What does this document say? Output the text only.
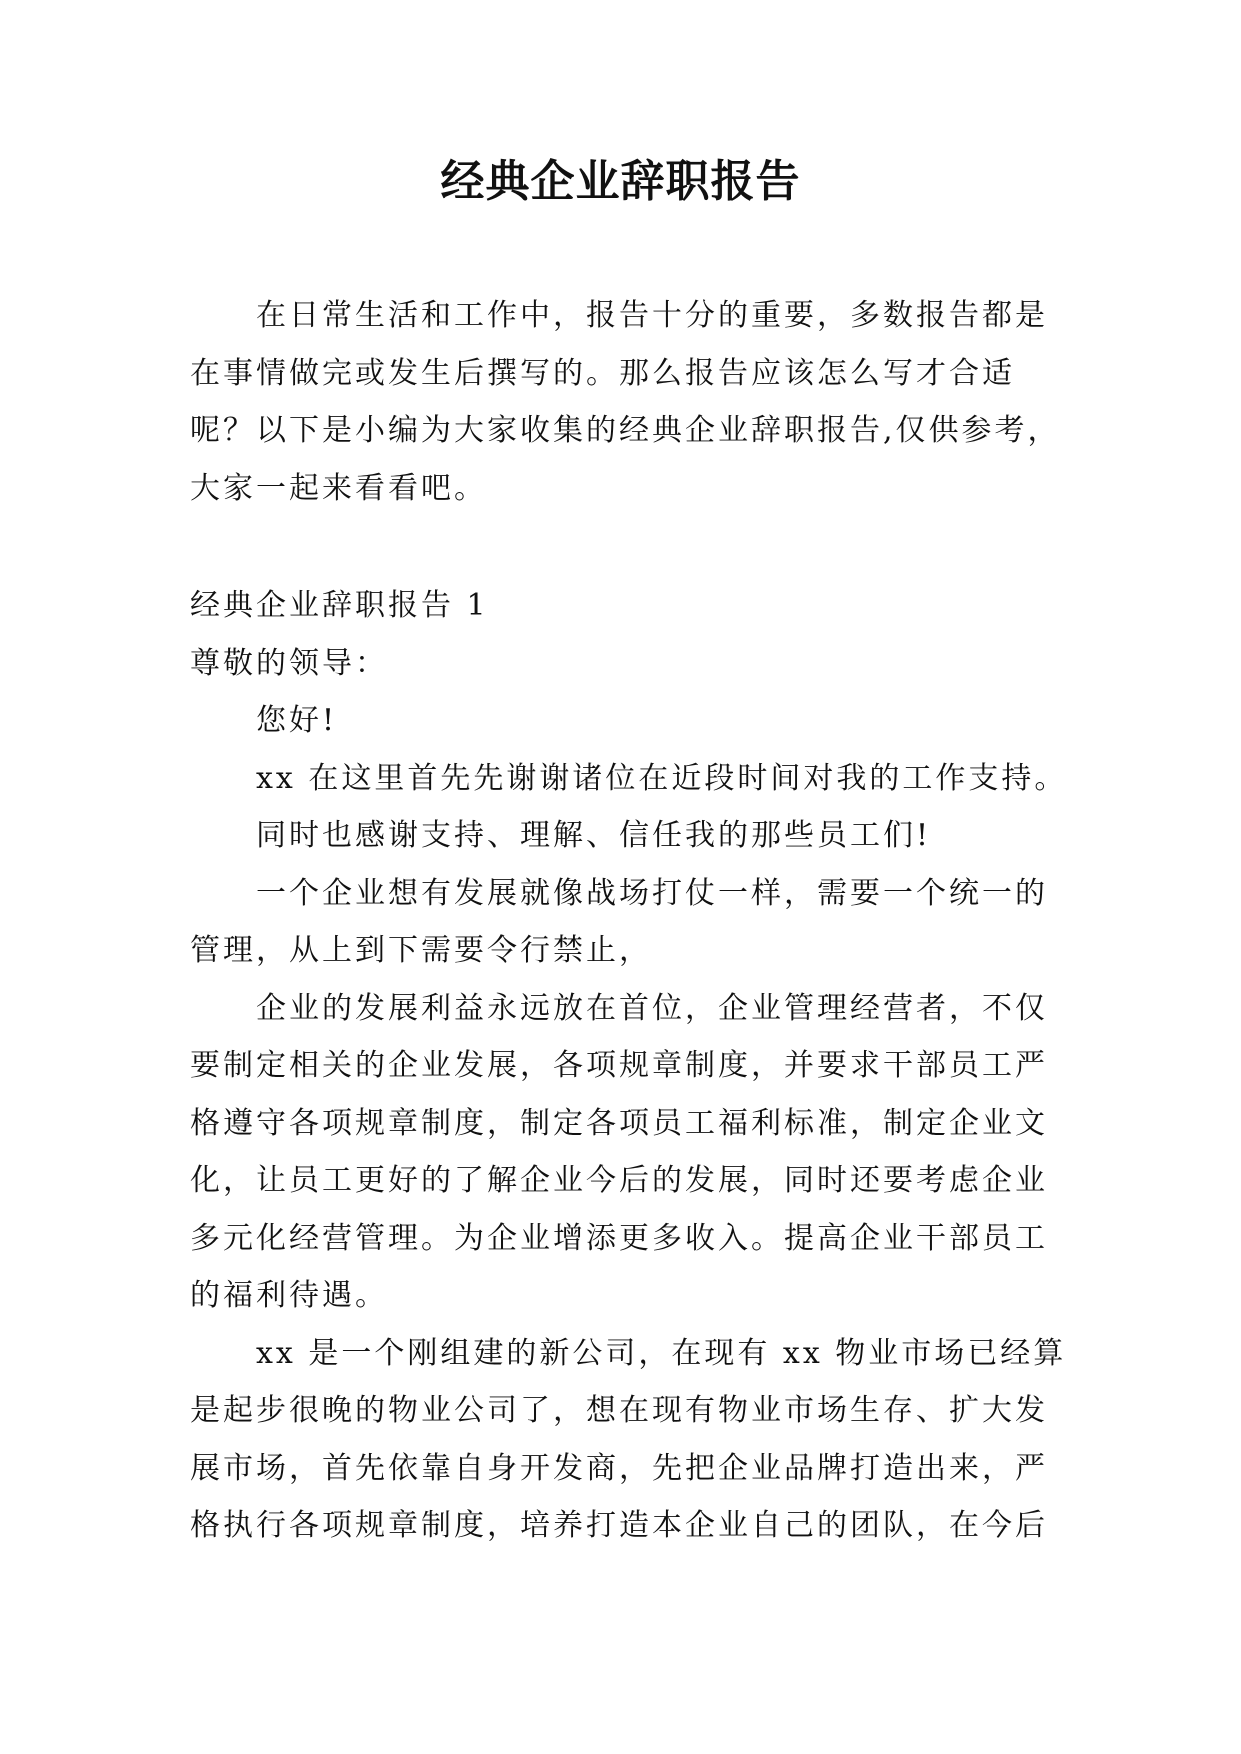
经典企业辞职报告

在日常生活和工作中，报告十分的重要，多数报告都是在事情做完或发生后撰写的。那么报告应该怎么写才合适呢？以下是小编为大家收集的经典企业辞职报告,仅供参考，大家一起来看看吧。

经典企业辞职报告 1

尊敬的领导：

您好!

xx 在这里首先先谢谢诸位在近段时间对我的工作支持。

同时也感谢支持、理解、信任我的那些员工们!

一个企业想有发展就像战场打仗一样，需要一个统一的管理，从上到下需要令行禁止，

企业的发展利益永远放在首位，企业管理经营者，不仅要制定相关的企业发展，各项规章制度，并要求干部员工严格遵守各项规章制度，制定各项员工福利标准，制定企业文化，让员工更好的了解企业今后的发展，同时还要考虑企业多元化经营管理。为企业增添更多收入。提高企业干部员工的福利待遇。

xx 是一个刚组建的新公司，在现有 xx 物业市场已经算是起步很晚的物业公司了，想在现有物业市场生存、扩大发展市场，首先依靠自身开发商，先把企业品牌打造出来，严格执行各项规章制度，培养打造本企业自己的团队，在今后
